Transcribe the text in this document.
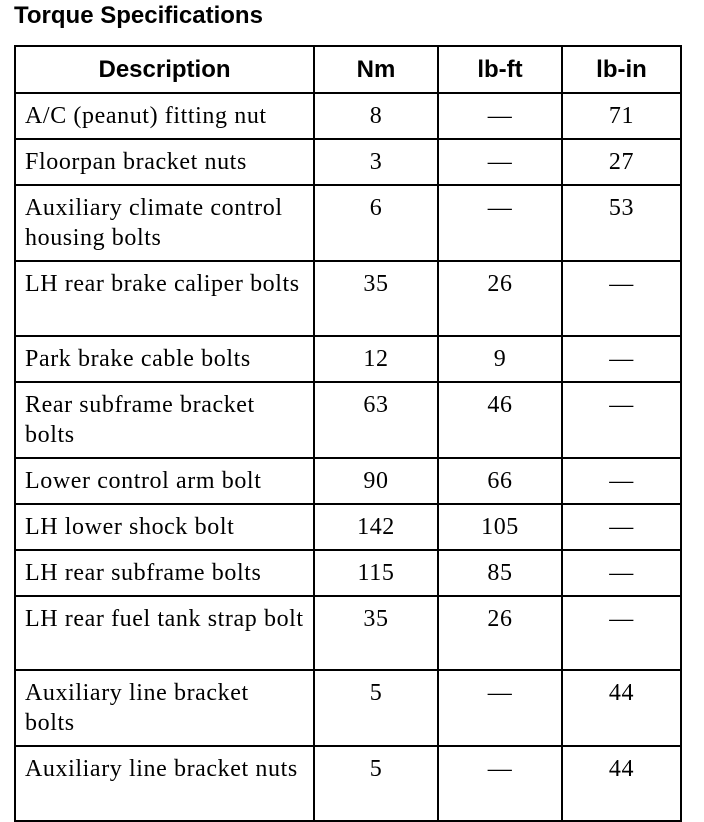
Torque Specifications
Description	Nm	lb-ft	lb-in
A/C (peanut) fitting nut	8	—	71
Floorpan bracket nuts	3	—	27
Auxiliary climate control housing bolts	6	—	53
LH rear brake caliper bolts	35	26	—
Park brake cable bolts	12	9	—
Rear subframe bracket bolts	63	46	—
Lower control arm bolt	90	66	—
LH lower shock bolt	142	105	—
LH rear subframe bolts	115	85	—
LH rear fuel tank strap bolt	35	26	—
Auxiliary line bracket bolts	5	—	44
Auxiliary line bracket nuts	5	—	44
